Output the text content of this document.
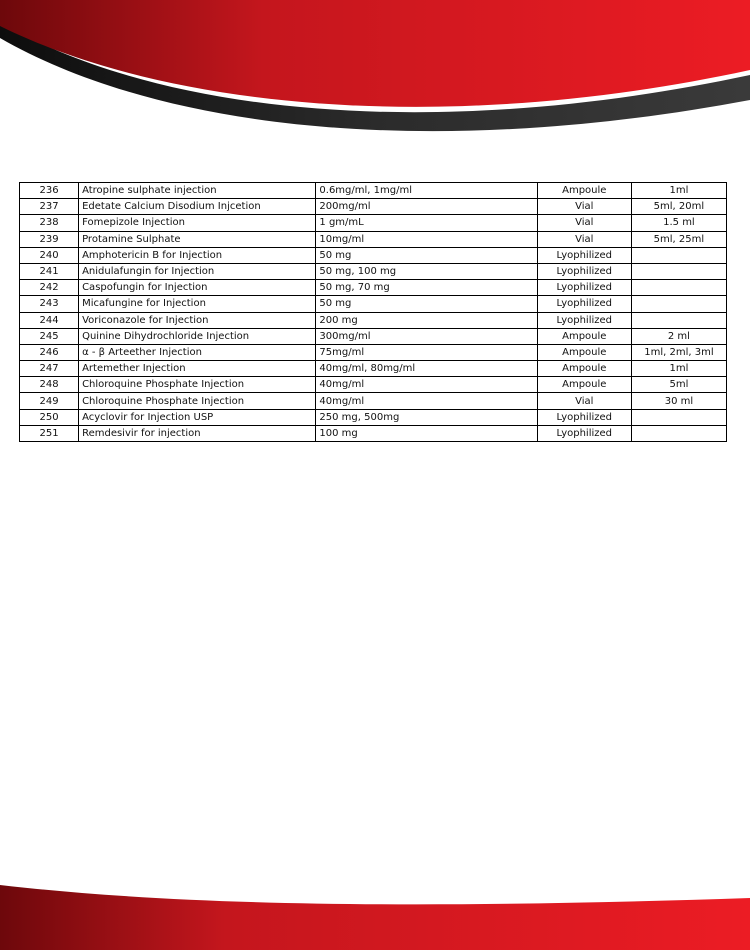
236	Atropine sulphate injection	0.6mg/ml, 1mg/ml	Ampoule	1ml
237	Edetate Calcium Disodium Injcetion	200mg/ml	Vial	5ml, 20ml
238	Fomepizole Injection	1 gm/mL	Vial	1.5 ml
239	Protamine Sulphate	10mg/ml	Vial	5ml, 25ml
240	Amphotericin B for Injection	50 mg	Lyophilized	
241	Anidulafungin for Injection	50 mg, 100 mg	Lyophilized	
242	Caspofungin for Injection	50 mg, 70 mg	Lyophilized	
243	Micafungine for Injection	50 mg	Lyophilized	
244	Voriconazole for Injection	200 mg	Lyophilized	
245	Quinine Dihydrochloride Injection	300mg/ml	Ampoule	2 ml
246	α - β Arteether Injection	75mg/ml	Ampoule	1ml, 2ml, 3ml
247	Artemether Injection	40mg/ml, 80mg/ml	Ampoule	1ml
248	Chloroquine Phosphate Injection	40mg/ml	Ampoule	5ml
249	Chloroquine Phosphate Injection	40mg/ml	Vial	30 ml
250	Acyclovir for Injection USP	250 mg, 500mg	Lyophilized	
251	Remdesivir for injection	100 mg	Lyophilized	
